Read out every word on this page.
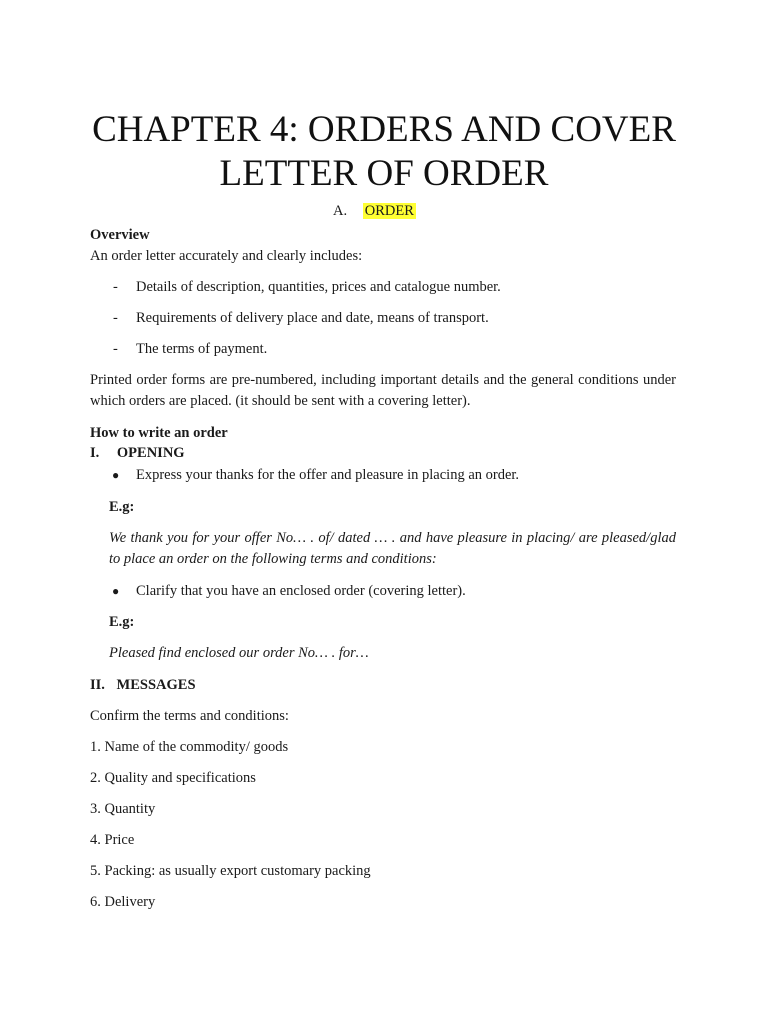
CHAPTER 4: ORDERS AND COVER
LETTER OF ORDER
A. ORDER
Overview
An order letter accurately and clearly includes:
- Details of description, quantities, prices and catalogue number.
- Requirements of delivery place and date, means of transport.
- The terms of payment.
Printed order forms are pre-numbered, including important details and the general conditions under which orders are placed. (it should be sent with a covering letter).
How to write an order
I. OPENING
● Express your thanks for the offer and pleasure in placing an order.
E.g:
We thank you for your offer No… . of/ dated … . and have pleasure in placing/ are pleased/glad to place an order on the following terms and conditions:
● Clarify that you have an enclosed order (covering letter).
E.g:
Pleased find enclosed our order No… . for…
II. MESSAGES
Confirm the terms and conditions:
1. Name of the commodity/ goods
2. Quality and specifications
3. Quantity
4. Price
5. Packing: as usually export customary packing
6. Delivery
